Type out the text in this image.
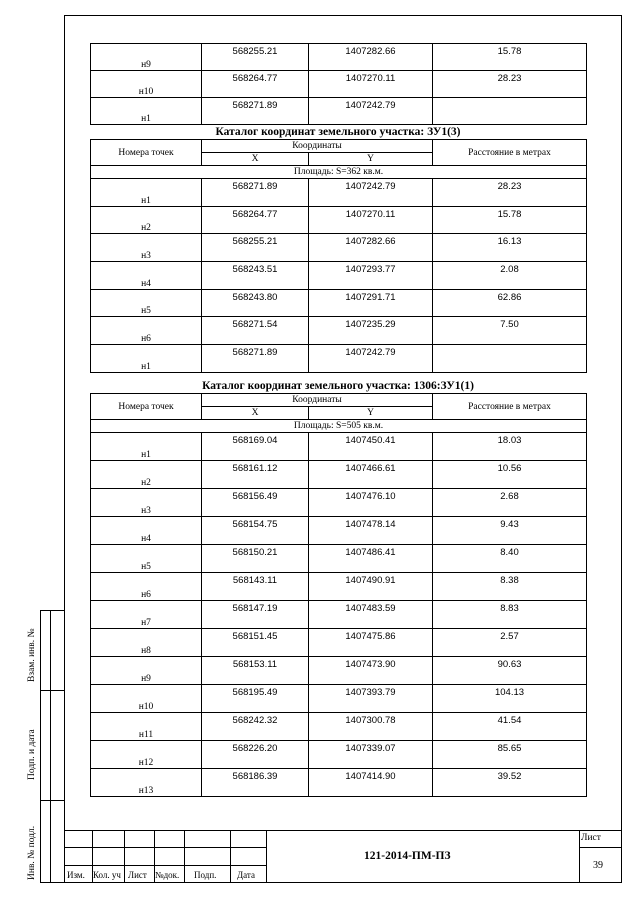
Взам. инв. №
Подп. и дата
Инв. № подл.
н9	568255.21	1407282.66	15.78
н10	568264.77	1407270.11	28.23
н1	568271.89	1407242.79	
Каталог координат земельного участка: ЗУ1(3)
Номера точек	Координаты		Расстояние в метрах
	X	Y	
Площадь: S=362 кв.м.			
н1	568271.89	1407242.79	28.23
н2	568264.77	1407270.11	15.78
н3	568255.21	1407282.66	16.13
н4	568243.51	1407293.77	2.08
н5	568243.80	1407291.71	62.86
н6	568271.54	1407235.29	7.50
н1	568271.89	1407242.79	
Каталог координат земельного участка: 1306:ЗУ1(1)
Номера точек	Координаты		Расстояние в метрах
	X	Y	
Площадь: S=505 кв.м.			
н1	568169.04	1407450.41	18.03
н2	568161.12	1407466.61	10.56
н3	568156.49	1407476.10	2.68
н4	568154.75	1407478.14	9.43
н5	568150.21	1407486.41	8.40
н6	568143.11	1407490.91	8.38
н7	568147.19	1407483.59	8.83
н8	568151.45	1407475.86	2.57
н9	568153.11	1407473.90	90.63
н10	568195.49	1407393.79	104.13
н11	568242.32	1407300.78	41.54
н12	568226.20	1407339.07	85.65
н13	568186.39	1407414.90	39.52
Изм. Кол. уч Лист №док.	Подп. Дата
121-2014-ПМ-ПЗ
Лист
39
